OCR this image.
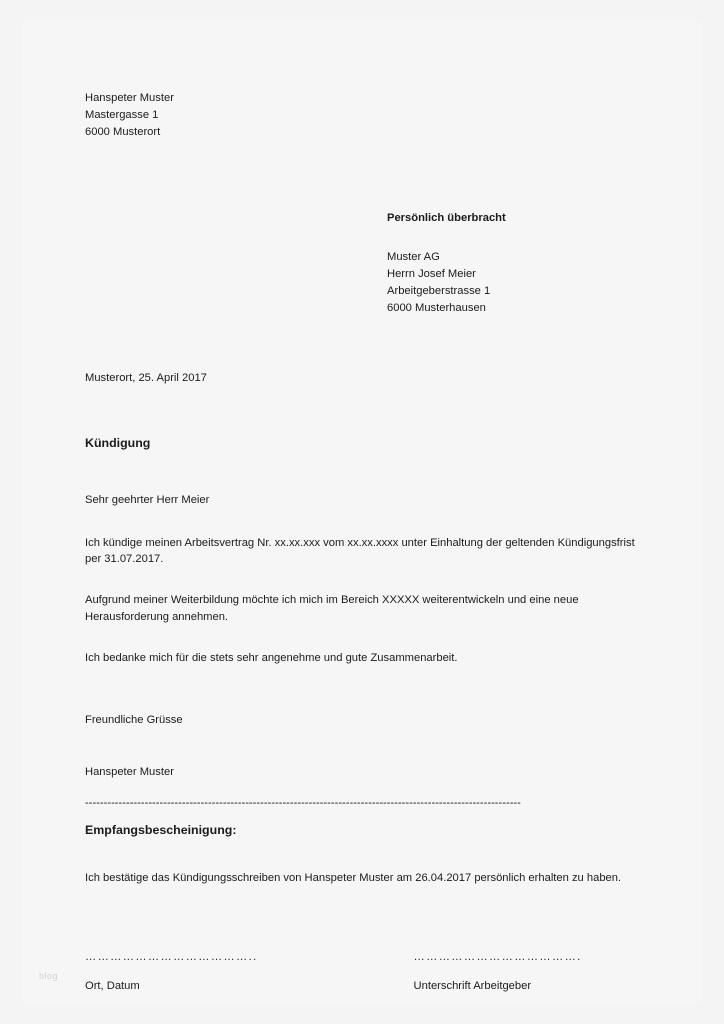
Hanspeter Muster
Mastergasse 1
6000 Musterort
Persönlich überbracht
Muster AG
Herrn Josef Meier
Arbeitgeberstrasse 1
6000 Musterhausen
Musterort, 25. April 2017
Kündigung
Sehr geehrter Herr Meier
Ich kündige meinen Arbeitsvertrag Nr. xx.xx.xxx vom xx.xx.xxxx unter Einhaltung der geltenden Kündigungsfrist per 31.07.2017.
Aufgrund meiner Weiterbildung möchte ich mich im Bereich XXXXX weiterentwickeln und eine neue Herausforderung annehmen.
Ich bedanke mich für die stets sehr angenehme und gute Zusammenarbeit.
Freundliche Grüsse
Hanspeter Muster
---------------------------------------------------------------------------------------------------------------------
Empfangsbescheinigung:
Ich bestätige das Kündigungsschreiben von Hanspeter Muster am 26.04.2017 persönlich erhalten zu haben.
…………………………………..
Ort, Datum
………………………………….
Unterschrift Arbeitgeber
blog
